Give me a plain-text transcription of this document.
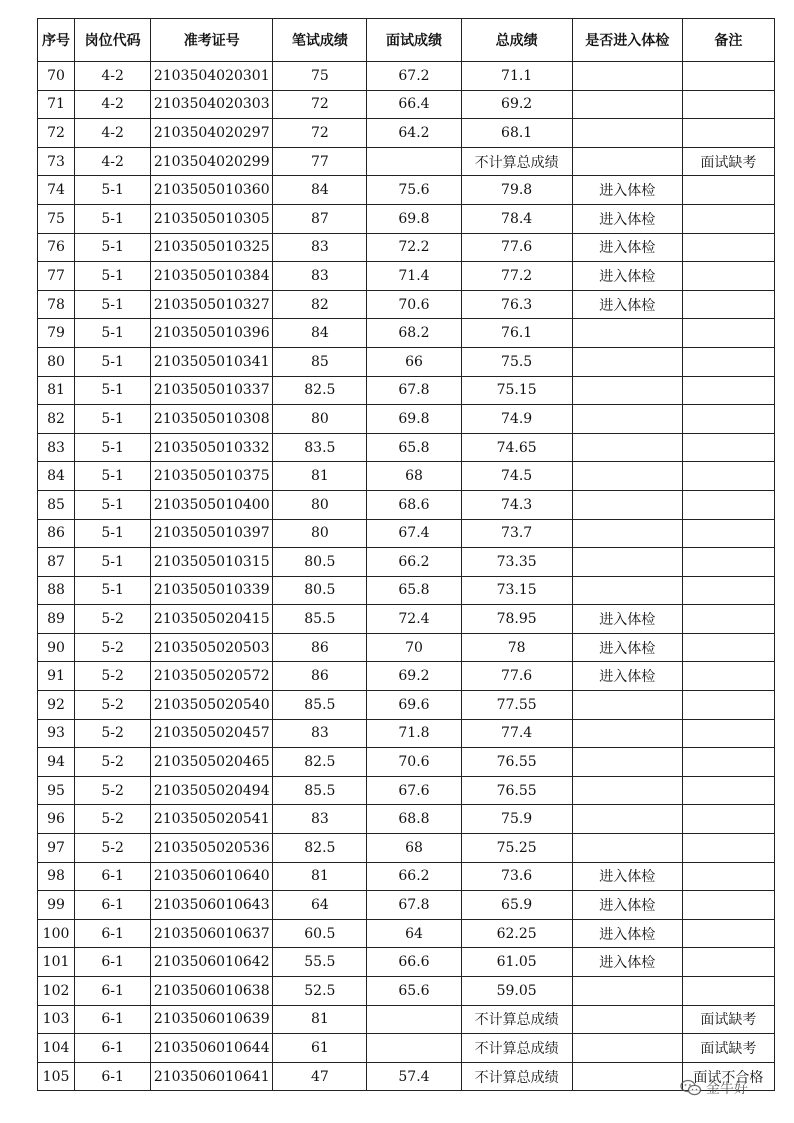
序号	岗位代码	准考证号	笔试成绩	面试成绩	总成绩	是否进入体检	备注
70	4-2	2103504020301	75	67.2	71.1		
71	4-2	2103504020303	72	66.4	69.2		
72	4-2	2103504020297	72	64.2	68.1		
73	4-2	2103504020299	77		不计算总成绩		面试缺考
74	5-1	2103505010360	84	75.6	79.8	进入体检	
75	5-1	2103505010305	87	69.8	78.4	进入体检	
76	5-1	2103505010325	83	72.2	77.6	进入体检	
77	5-1	2103505010384	83	71.4	77.2	进入体检	
78	5-1	2103505010327	82	70.6	76.3	进入体检	
79	5-1	2103505010396	84	68.2	76.1		
80	5-1	2103505010341	85	66	75.5		
81	5-1	2103505010337	82.5	67.8	75.15		
82	5-1	2103505010308	80	69.8	74.9		
83	5-1	2103505010332	83.5	65.8	74.65		
84	5-1	2103505010375	81	68	74.5		
85	5-1	2103505010400	80	68.6	74.3		
86	5-1	2103505010397	80	67.4	73.7		
87	5-1	2103505010315	80.5	66.2	73.35		
88	5-1	2103505010339	80.5	65.8	73.15		
89	5-2	2103505020415	85.5	72.4	78.95	进入体检	
90	5-2	2103505020503	86	70	78	进入体检	
91	5-2	2103505020572	86	69.2	77.6	进入体检	
92	5-2	2103505020540	85.5	69.6	77.55		
93	5-2	2103505020457	83	71.8	77.4		
94	5-2	2103505020465	82.5	70.6	76.55		
95	5-2	2103505020494	85.5	67.6	76.55		
96	5-2	2103505020541	83	68.8	75.9		
97	5-2	2103505020536	82.5	68	75.25		
98	6-1	2103506010640	81	66.2	73.6	进入体检	
99	6-1	2103506010643	64	67.8	65.9	进入体检	
100	6-1	2103506010637	60.5	64	62.25	进入体检	
101	6-1	2103506010642	55.5	66.6	61.05	进入体检	
102	6-1	2103506010638	52.5	65.6	59.05		
103	6-1	2103506010639	81		不计算总成绩		面试缺考
104	6-1	2103506010644	61		不计算总成绩		面试缺考
105	6-1	2103506010641	47	57.4	不计算总成绩		面试不合格
金牛好
